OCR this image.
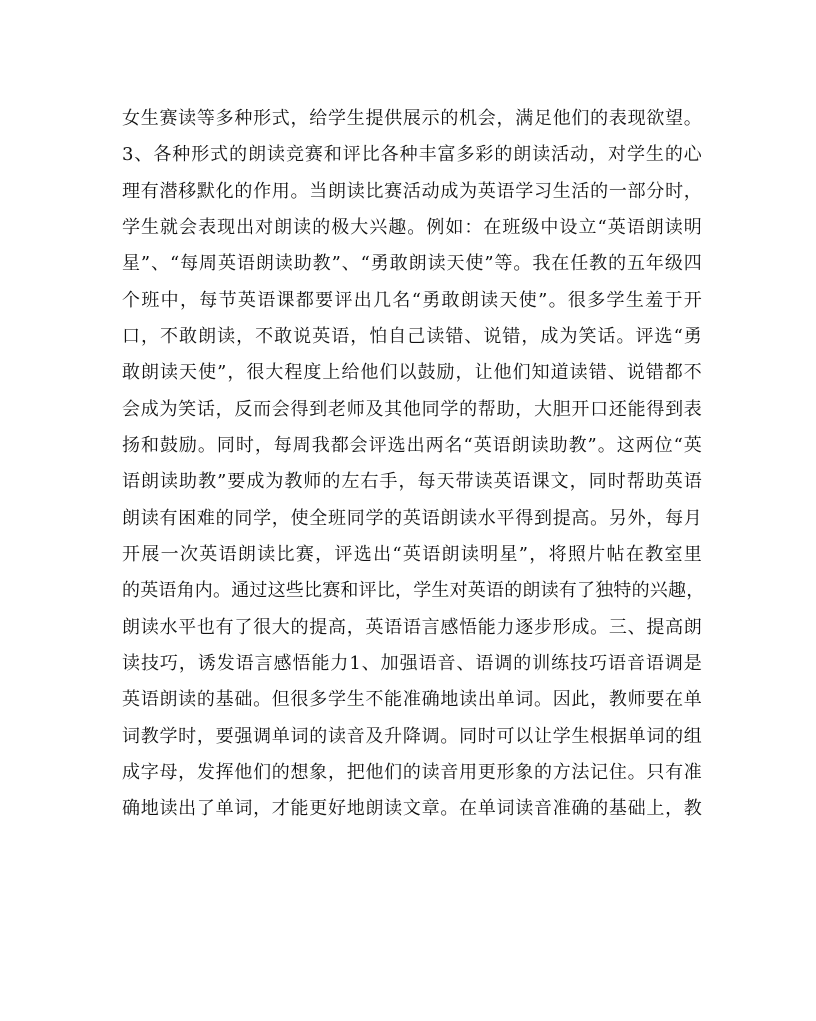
女生赛读等多种形式，给学生提供展示的机会，满足他们的表现欲望。
3、各种形式的朗读竞赛和评比各种丰富多彩的朗读活动，对学生的心
理有潜移默化的作用。当朗读比赛活动成为英语学习生活的一部分时，
学生就会表现出对朗读的极大兴趣。例如：在班级中设立“英语朗读明
星”、“每周英语朗读助教”、“勇敢朗读天使”等。我在任教的五年级四
个班中，每节英语课都要评出几名“勇敢朗读天使”。很多学生羞于开
口，不敢朗读，不敢说英语，怕自己读错、说错，成为笑话。评选“勇
敢朗读天使”，很大程度上给他们以鼓励，让他们知道读错、说错都不
会成为笑话，反而会得到老师及其他同学的帮助，大胆开口还能得到表
扬和鼓励。同时，每周我都会评选出两名“英语朗读助教”。这两位“英
语朗读助教”要成为教师的左右手，每天带读英语课文，同时帮助英语
朗读有困难的同学，使全班同学的英语朗读水平得到提高。另外，每月
开展一次英语朗读比赛，评选出“英语朗读明星”，将照片帖在教室里
的英语角内。通过这些比赛和评比，学生对英语的朗读有了独特的兴趣，
朗读水平也有了很大的提高，英语语言感悟能力逐步形成。三、提高朗
读技巧，诱发语言感悟能力1、加强语音、语调的训练技巧语音语调是
英语朗读的基础。但很多学生不能准确地读出单词。因此，教师要在单
词教学时，要强调单词的读音及升降调。同时可以让学生根据单词的组
成字母，发挥他们的想象，把他们的读音用更形象的方法记住。只有准
确地读出了单词，才能更好地朗读文章。在单词读音准确的基础上，教
